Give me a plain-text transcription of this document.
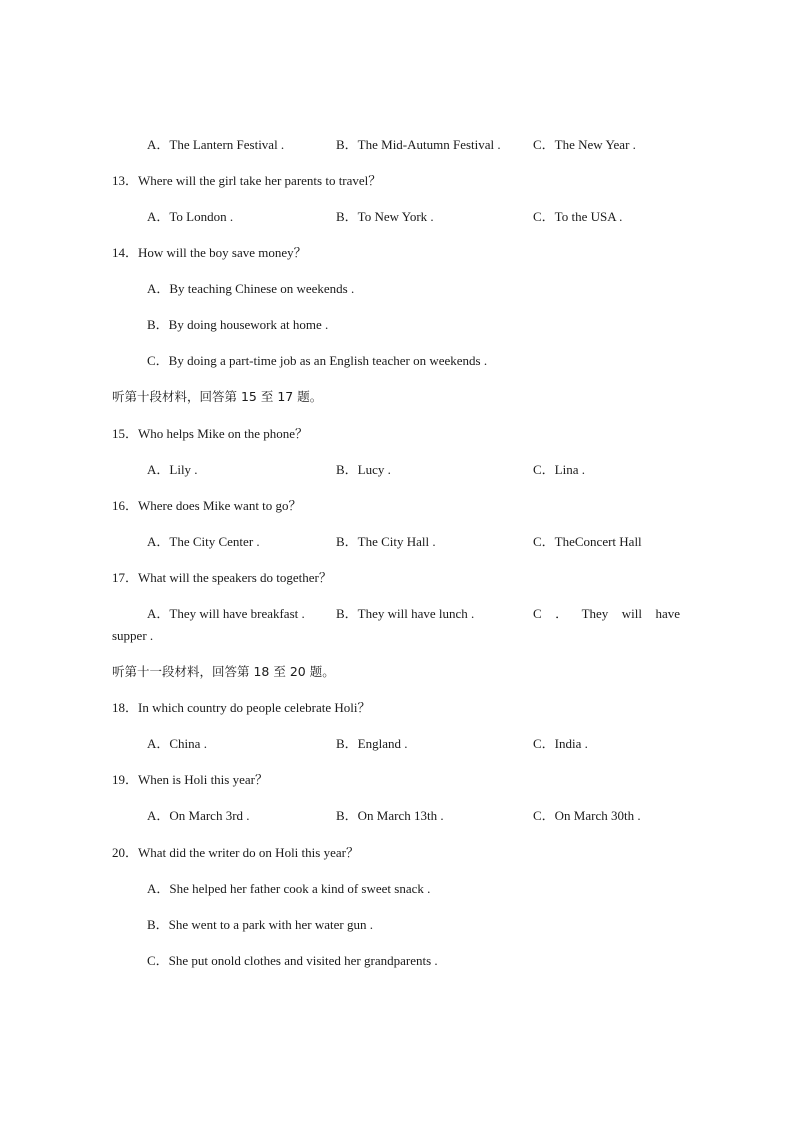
A．The Lantern Festival .	B．The Mid-Autumn Festival . C．The New Year .
13．Where will the girl take her parents to travel？
A．To London .	B．To New York .	C．To the USA .
14．How will the boy save money？
A．By teaching Chinese on weekends .
B．By doing housework at home .
C．By doing a part-time job as an English teacher on weekends .
听第十段材料，回答第 15 至 17 题。
15．Who helps Mike on the phone？
A．Lily .	B．Lucy .	C．Lina .
16．Where does Mike want to go？
A．The City Center .	B．The City Hall .	C．TheConcert Hall
17．What will the speakers do together？
A．They will have breakfast . B．They will have lunch .	C ． They will have
supper .
听第十一段材料，回答第 18 至 20 题。
18．In which country do people celebrate Holi？
A．China .	B．England .	C．India .
19．When is Holi this year？
A．On March 3rd .	B．On March 13th .	C．On March 30th .
20．What did the writer do on Holi this year？
A．She helped her father cook a kind of sweet snack .
B．She went to a park with her water gun .
C．She put onold clothes and visited her grandparents .
